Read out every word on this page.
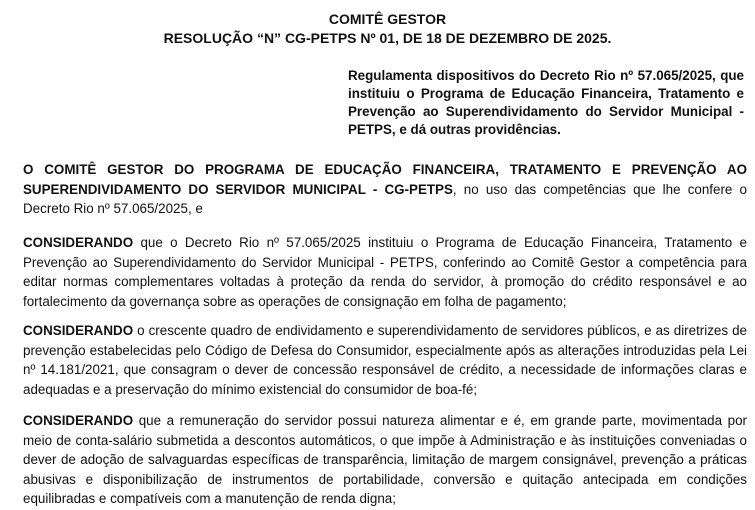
COMITÊ GESTOR
RESOLUÇÃO “N” CG-PETPS Nº 01, DE 18 DE DEZEMBRO DE 2025.
Regulamenta dispositivos do Decreto Rio nº 57.065/2025, que instituiu o Programa de Educação Financeira, Tratamento e Prevenção ao Superendividamento do Servidor Municipal - PETPS, e dá outras providências.
O COMITÊ GESTOR DO PROGRAMA DE EDUCAÇÃO FINANCEIRA, TRATAMENTO E PREVENÇÃO AO SUPERENDIVIDAMENTO DO SERVIDOR MUNICIPAL - CG-PETPS, no uso das competências que lhe confere o Decreto Rio nº 57.065/2025, e
CONSIDERANDO que o Decreto Rio nº 57.065/2025 instituiu o Programa de Educação Financeira, Tratamento e Prevenção ao Superendividamento do Servidor Municipal - PETPS, conferindo ao Comitê Gestor a competência para editar normas complementares voltadas à proteção da renda do servidor, à promoção do crédito responsável e ao fortalecimento da governança sobre as operações de consignação em folha de pagamento;
CONSIDERANDO o crescente quadro de endividamento e superendividamento de servidores públicos, e as diretrizes de prevenção estabelecidas pelo Código de Defesa do Consumidor, especialmente após as alterações introduzidas pela Lei nº 14.181/2021, que consagram o dever de concessão responsável de crédito, a necessidade de informações claras e adequadas e a preservação do mínimo existencial do consumidor de boa-fé;
CONSIDERANDO que a remuneração do servidor possui natureza alimentar e é, em grande parte, movimentada por meio de conta-salário submetida a descontos automáticos, o que impõe à Administração e às instituições conveniadas o dever de adoção de salvaguardas específicas de transparência, limitação de margem consignável, prevenção a práticas abusivas e disponibilização de instrumentos de portabilidade, conversão e quitação antecipada em condições equilibradas e compatíveis com a manutenção de renda digna;
